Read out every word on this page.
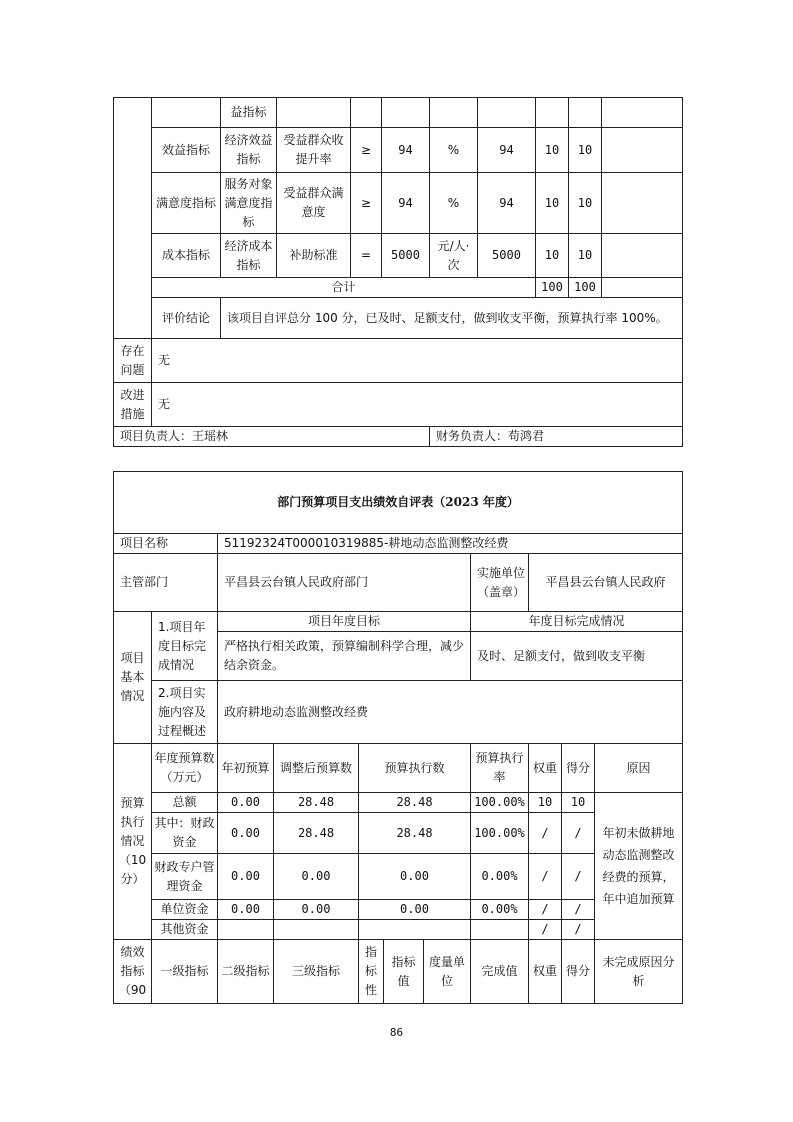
		益指标								
	效益指标	经济效益指标	受益群众收提升率	≥	94	%	94	10	10	
	满意度指标	服务对象满意度指标	受益群众满意度	≥	94	%	94	10	10	
	成本指标	经济成本指标	补助标准	=	5000	元/人·次	5000	10	10	
	合计							100	100	
	评价结论	该项目自评总分 100 分，已及时、足额支付，做到收支平衡，预算执行率 100%。								
存在问题	无									
改进措施	无									
项目负责人：王瑶林						财务负责人：苟鸿君				
部门预算项目支出绩效自评表（2023 年度）										
项目名称		51192324T000010319885-耕地动态监测整改经费								
主管部门		平昌县云台镇人民政府部门					实施单位（盖章）	平昌县云台镇人民政府		
项目基本情况	1.项目年度目标完成情况	项目年度目标					年度目标完成情况			
		严格执行相关政策，预算编制科学合理，减少结余资金。					及时、足额支付，做到收支平衡			
	2.项目实施内容及过程概述	政府耕地动态监测整改经费								
预算执行情况（10分）	年度预算数（万元）	年初预算	调整后预算数	预算执行数			预算执行率	权重	得分	原因
	总额	0.00	28.48	28.48			100.00%	10	10	年初未做耕地动态监测整改经费的预算，年中追加预算
	其中：财政资金	0.00	28.48	28.48			100.00%	/	/	
	财政专户管理资金	0.00	0.00	0.00			0.00%	/	/	
	单位资金	0.00	0.00	0.00			0.00%	/	/	
	其他资金							/	/	
绩效指标（90	一级指标	二级指标	三级指标	指标性	指标值	度量单位	完成值	权重	得分	未完成原因分析
86
